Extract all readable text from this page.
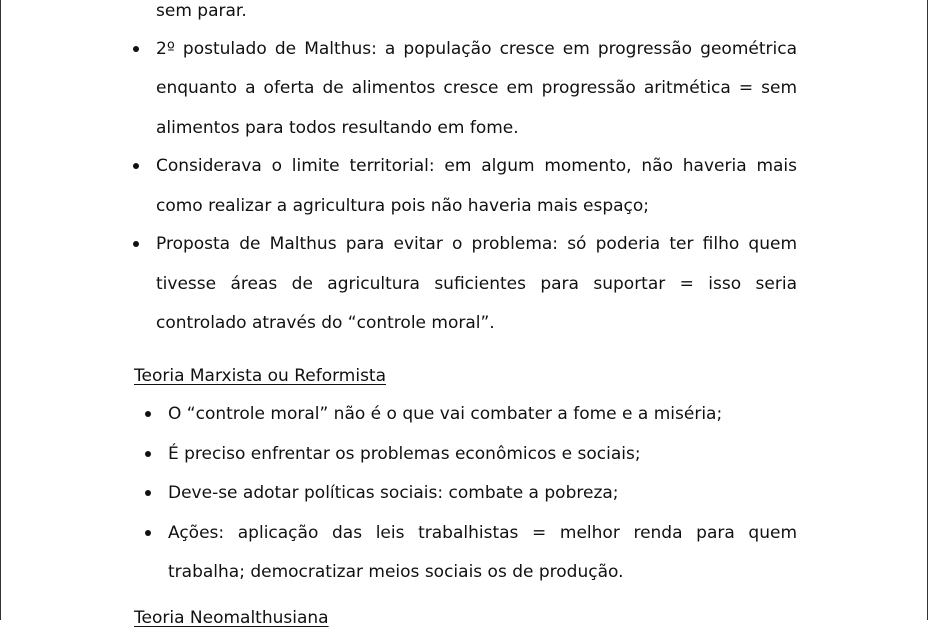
sem parar.
2º postulado de Malthus: a população cresce em progressão geométrica
enquanto a oferta de alimentos cresce em progressão aritmética = sem
alimentos para todos resultando em fome.
Considerava o limite territorial: em algum momento, não haveria mais
como realizar a agricultura pois não haveria mais espaço;
Proposta de Malthus para evitar o problema: só poderia ter filho quem
tivesse áreas de agricultura suficientes para suportar = isso seria
controlado através do “controle moral”.
Teoria Marxista ou Reformista
O “controle moral” não é o que vai combater a fome e a miséria;
É preciso enfrentar os problemas econômicos e sociais;
Deve-se adotar políticas sociais: combate a pobreza;
Ações: aplicação das leis trabalhistas = melhor renda para quem
trabalha; democratizar meios sociais os de produção.
Teoria Neomalthusiana
